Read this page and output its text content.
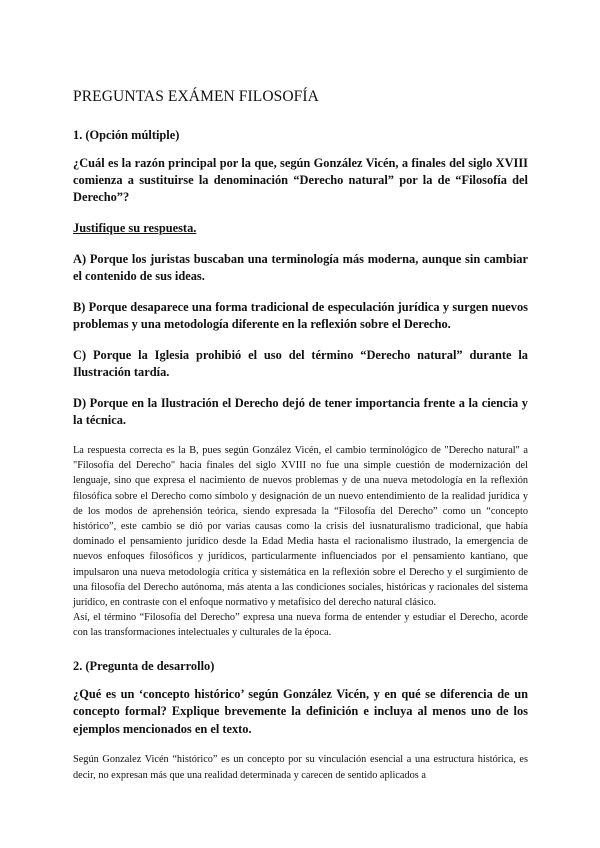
PREGUNTAS EXÁMEN FILOSOFÍA

1. (Opción múltiple)

¿Cuál es la razón principal por la que, según González Vicén, a finales del siglo XVIII comienza a sustituirse la denominación “Derecho natural” por la de “Filosofía del Derecho”?

Justifique su respuesta.

A) Porque los juristas buscaban una terminología más moderna, aunque sin cambiar el contenido de sus ideas.

B) Porque desaparece una forma tradicional de especulación jurídica y surgen nuevos problemas y una metodología diferente en la reflexión sobre el Derecho.

C) Porque la Iglesia prohibió el uso del término “Derecho natural” durante la Ilustración tardía.

D) Porque en la Ilustración el Derecho dejó de tener importancia frente a la ciencia y la técnica.

La respuesta correcta es la B, pues según González Vicén, el cambio terminológico de "Derecho natural" a "Filosofía del Derecho" hacia finales del siglo XVIII no fue una simple cuestión de modernización del lenguaje, sino que expresa el nacimiento de nuevos problemas y de una nueva metodología en la reflexión filosófica sobre el Derecho como símbolo y designación de un nuevo entendimiento de la realidad jurídica y de los modos de aprehensión teórica, siendo expresada la “Filosofía del Derecho” como un “concepto histórico”, este cambio se dió por varias causas como la crisis del iusnaturalismo tradicional, que había dominado el pensamiento jurídico desde la Edad Media hasta el racionalismo ilustrado, la emergencia de nuevos enfoques filosóficos y jurídicos, particularmente influenciados por el pensamiento kantiano, que impulsaron una nueva metodología crítica y sistemática en la reflexión sobre el Derecho y el surgimiento de una filosofía del Derecho autónoma, más atenta a las condiciones sociales, históricas y racionales del sistema jurídico, en contraste con el enfoque normativo y metafísico del derecho natural clásico.

Así, el término “Filosofía del Derecho” expresa una nueva forma de entender y estudiar el Derecho, acorde con las transformaciones intelectuales y culturales de la época.

2. (Pregunta de desarrollo)

¿Qué es un ‘concepto histórico’ según González Vicén, y en qué se diferencia de un concepto formal? Explique brevemente la definición e incluya al menos uno de los ejemplos mencionados en el texto.

Según Gonzalez Vicén “histórico” es un concepto por su vinculación esencial a una estructura histórica, es decir, no expresan más que una realidad determinada y carecen de sentido aplicados a
